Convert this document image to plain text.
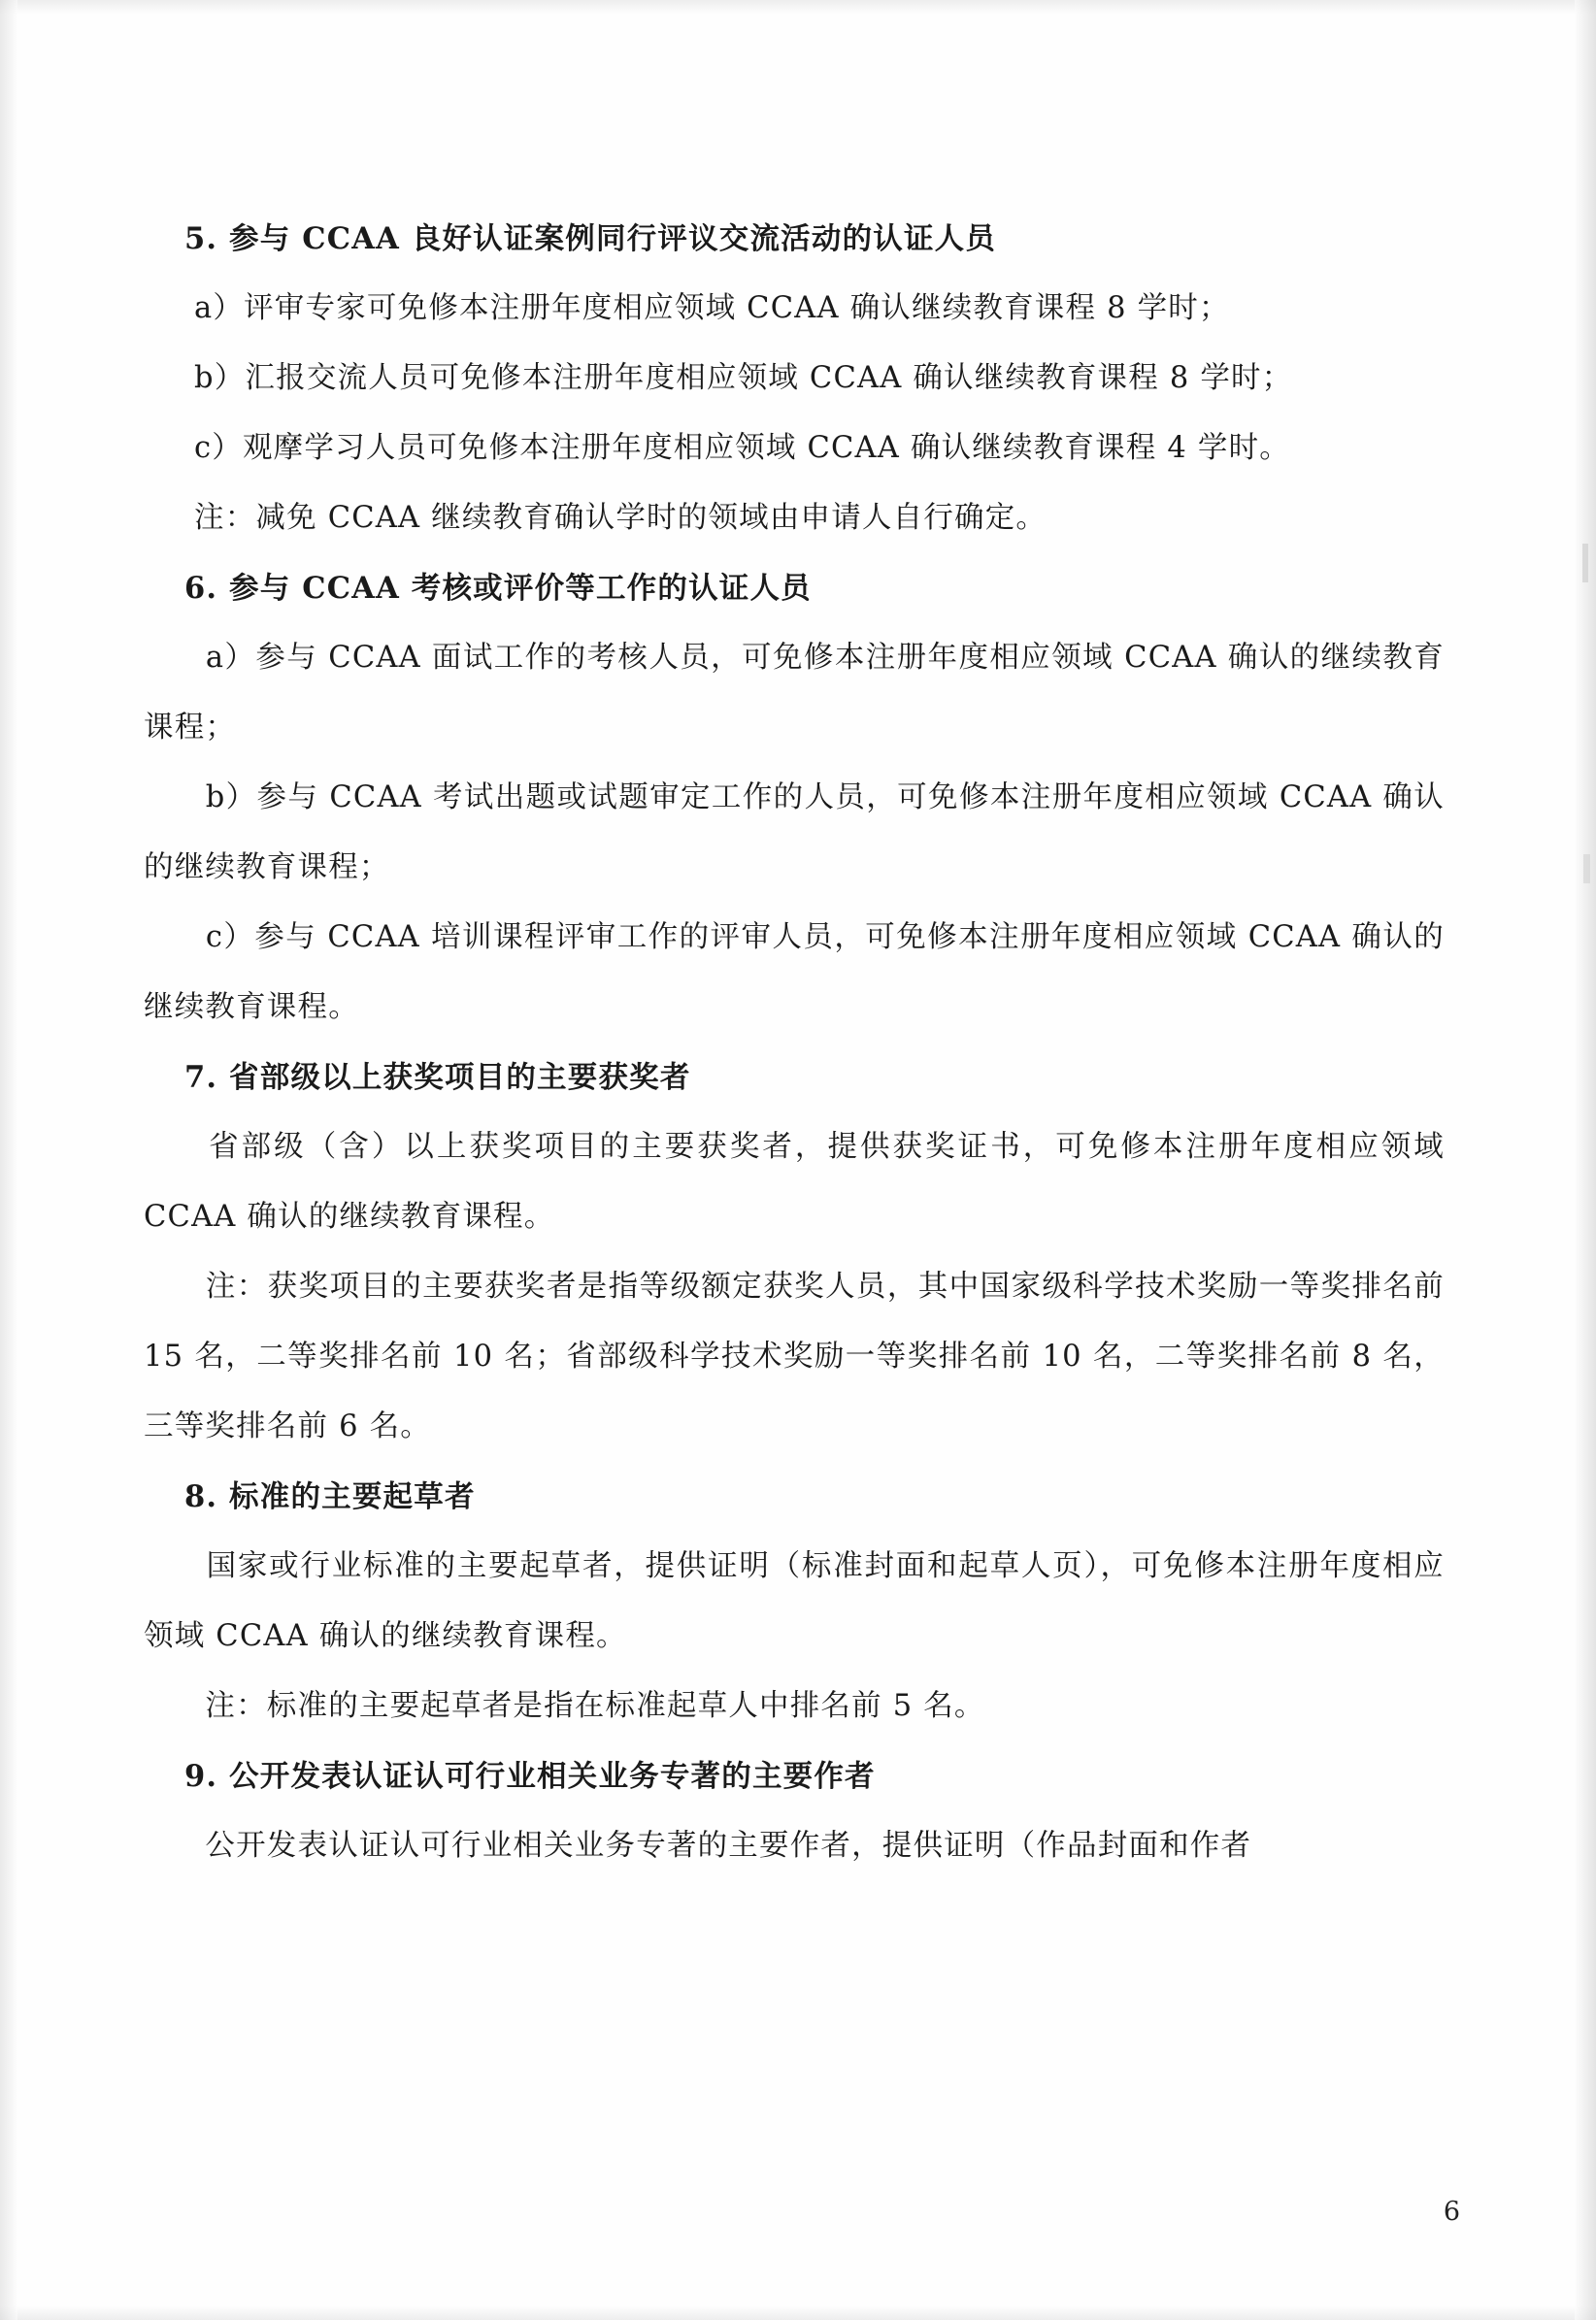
5. 参与 CCAA 良好认证案例同行评议交流活动的认证人员

a）评审专家可免修本注册年度相应领域 CCAA 确认继续教育课程 8 学时；

b）汇报交流人员可免修本注册年度相应领域 CCAA 确认继续教育课程 8 学时；

c）观摩学习人员可免修本注册年度相应领域 CCAA 确认继续教育课程 4 学时。

注：减免 CCAA 继续教育确认学时的领域由申请人自行确定。

6. 参与 CCAA 考核或评价等工作的认证人员

　　a）参与 CCAA 面试工作的考核人员，可免修本注册年度相应领域 CCAA 确认的继续教育课程；

　　b）参与 CCAA 考试出题或试题审定工作的人员，可免修本注册年度相应领域 CCAA 确认的继续教育课程；

　　c）参与 CCAA 培训课程评审工作的评审人员，可免修本注册年度相应领域 CCAA 确认的继续教育课程。

7. 省部级以上获奖项目的主要获奖者

　　省部级（含）以上获奖项目的主要获奖者，提供获奖证书，可免修本注册年度相应领域 CCAA 确认的继续教育课程。

　　注：获奖项目的主要获奖者是指等级额定获奖人员，其中国家级科学技术奖励一等奖排名前 15 名，二等奖排名前 10 名；省部级科学技术奖励一等奖排名前 10 名，二等奖排名前 8 名，三等奖排名前 6 名。

8. 标准的主要起草者

　　国家或行业标准的主要起草者，提供证明（标准封面和起草人页），可免修本注册年度相应领域 CCAA 确认的继续教育课程。

　　注：标准的主要起草者是指在标准起草人中排名前 5 名。

9. 公开发表认证认可行业相关业务专著的主要作者

　　公开发表认证认可行业相关业务专著的主要作者，提供证明（作品封面和作者

6
